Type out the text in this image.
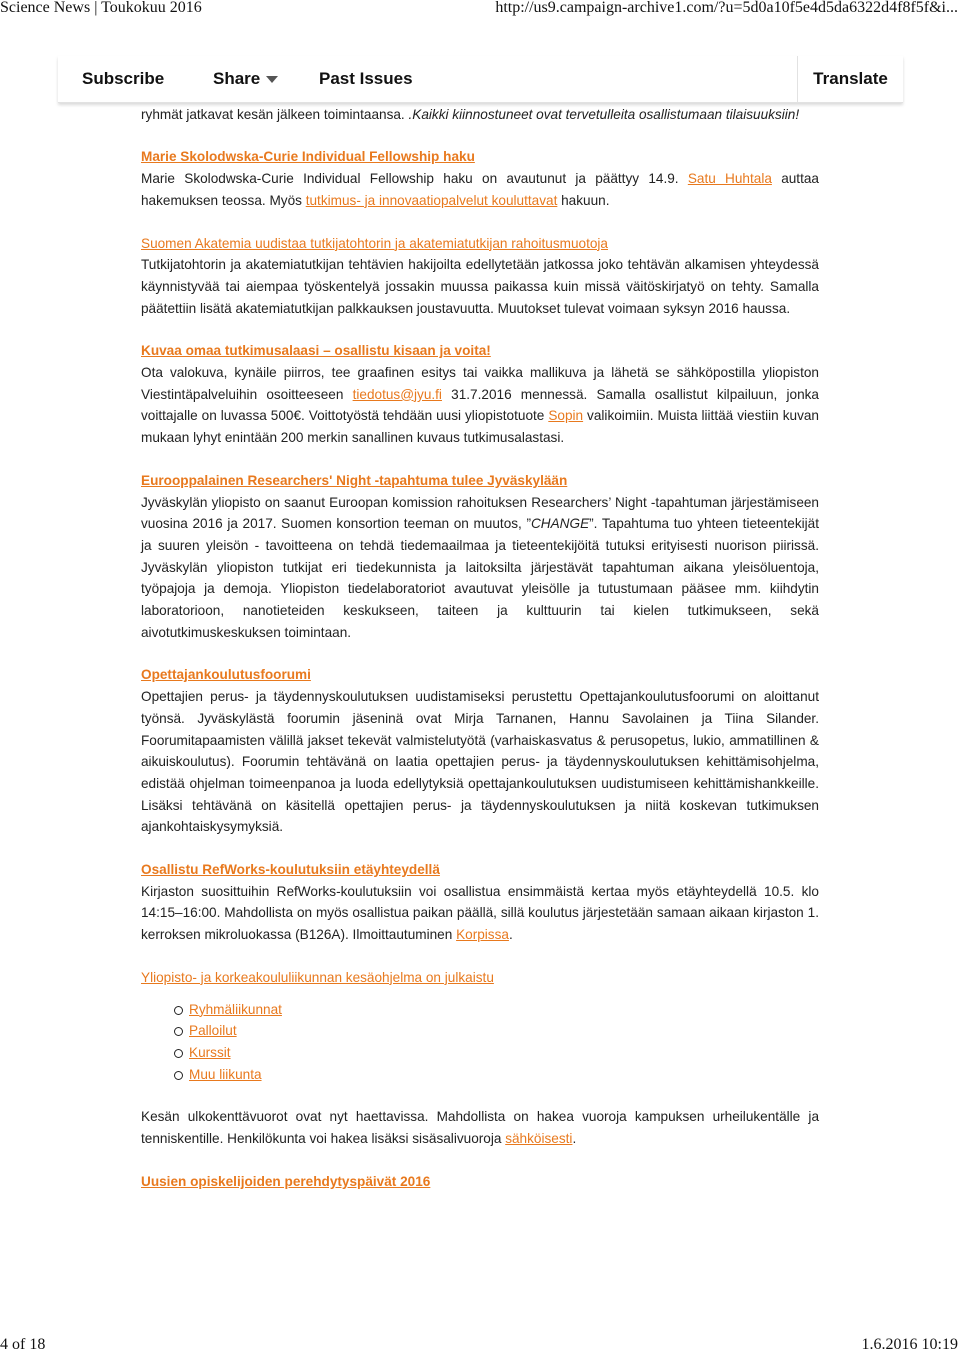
Science News | Toukokuu 2016	http://us9.campaign-archive1.com/?u=5d0a10f5e4d5da6322d4f8f5f&i...

ryhmät jatkavat kesän jälkeen toimintaansa. .Kaikki kiinnostuneet ovat tervetulleita osallistumaan tilaisuuksiin!

Marie Skolodwska-Curie Individual Fellowship haku

Marie Skolodwska-Curie Individual Fellowship haku on avautunut ja päättyy 14.9. Satu Huhtala auttaa hakemuksen teossa. Myös tutkimus- ja innovaatiopalvelut kouluttavat hakuun.

Suomen Akatemia uudistaa tutkijatohtorin ja akatemiatutkijan rahoitusmuotoja

Tutkijatohtorin ja akatemiatutkijan tehtävien hakijoilta edellytetään jatkossa joko tehtävän alkamisen yhteydessä käynnistyvää tai aiempaa työskentelyä jossakin muussa paikassa kuin missä väitöskirjatyö on tehty. Samalla päätettiin lisätä akatemiatutkijan palkkauksen joustavuutta. Muutokset tulevat voimaan syksyn 2016 haussa.

Kuvaa omaa tutkimusalaasi – osallistu kisaan ja voita!

Ota valokuva, kynäile piirros, tee graafinen esitys tai vaikka mallikuva ja lähetä se sähköpostilla yliopiston Viestintäpalveluihin osoitteeseen tiedotus@jyu.fi 31.7.2016 mennessä. Samalla osallistut kilpailuun, jonka voittajalle on luvassa 500€. Voittotyöstä tehdään uusi yliopistotuote Sopin valikoimiin. Muista liittää viestiin kuvan mukaan lyhyt enintään 200 merkin sanallinen kuvaus tutkimusalastasi.

Eurooppalainen Researchers' Night -tapahtuma tulee Jyväskylään

Jyväskylän yliopisto on saanut Euroopan komission rahoituksen Researchers’ Night -tapahtuman järjestämiseen vuosina 2016 ja 2017. Suomen konsortion teeman on muutos, ”CHANGE”. Tapahtuma tuo yhteen tieteentekijät ja suuren yleisön - tavoitteena on tehdä tiedemaailmaa ja tieteentekijöitä tutuksi erityisesti nuorison piirissä. Jyväskylän yliopiston tutkijat eri tiedekunnista ja laitoksilta järjestävät tapahtuman aikana yleisöluentoja, työpajoja ja demoja. Yliopiston tiedelaboratoriot avautuvat yleisölle ja tutustumaan pääsee mm. kiihdytin laboratorioon, nanotieteiden keskukseen, taiteen ja kulttuurin tai kielen tutkimukseen, sekä aivotutkimuskeskuksen toimintaan.

Opettajankoulutusfoorumi

Opettajien perus- ja täydennyskoulutuksen uudistamiseksi perustettu Opettajankoulutusfoorumi on aloittanut työnsä. Jyväskylästä foorumin jäseninä ovat Mirja Tarnanen, Hannu Savolainen ja Tiina Silander. Foorumitapaamisten välillä jakset tekevät valmistelutyötä (varhaiskasvatus & perusopetus, lukio, ammatillinen & aikuiskoulutus). Foorumin tehtävänä on laatia opettajien perus- ja täydennyskoulutuksen kehittämisohjelma, edistää ohjelman toimeenpanoa ja luoda edellytyksiä opettajankoulutuksen uudistumiseen kehittämishankkeille. Lisäksi tehtävänä on käsitellä opettajien perus- ja täydennyskoulutuksen ja niitä koskevan tutkimuksen ajankohtaiskysymyksiä.

Osallistu RefWorks-koulutuksiin etäyhteydellä

Kirjaston suosittuihin RefWorks-koulutuksiin voi osallistua ensimmäistä kertaa myös etäyhteydellä 10.5. klo 14:15–16:00. Mahdollista on myös osallistua paikan päällä, sillä koulutus järjestetään samaan aikaan kirjaston 1. kerroksen mikroluokassa (B126A). Ilmoittautuminen Korpissa.

Yliopisto- ja korkeakoululiikunnan kesäohjelma on julkaistu

Ryhmäliikunnat
Palloilut
Kurssit
Muu liikunta

Kesän ulkokenttävuorot ovat nyt haettavissa. Mahdollista on hakea vuoroja kampuksen urheilukentälle ja tenniskentille. Henkilökunta voi hakea lisäksi sisäsalivuoroja sähköisesti.

Uusien opiskelijoiden perehdytyspäivät 2016

Subscribe	Share	Past Issues	Translate
4 of 18	1.6.2016 10:19
